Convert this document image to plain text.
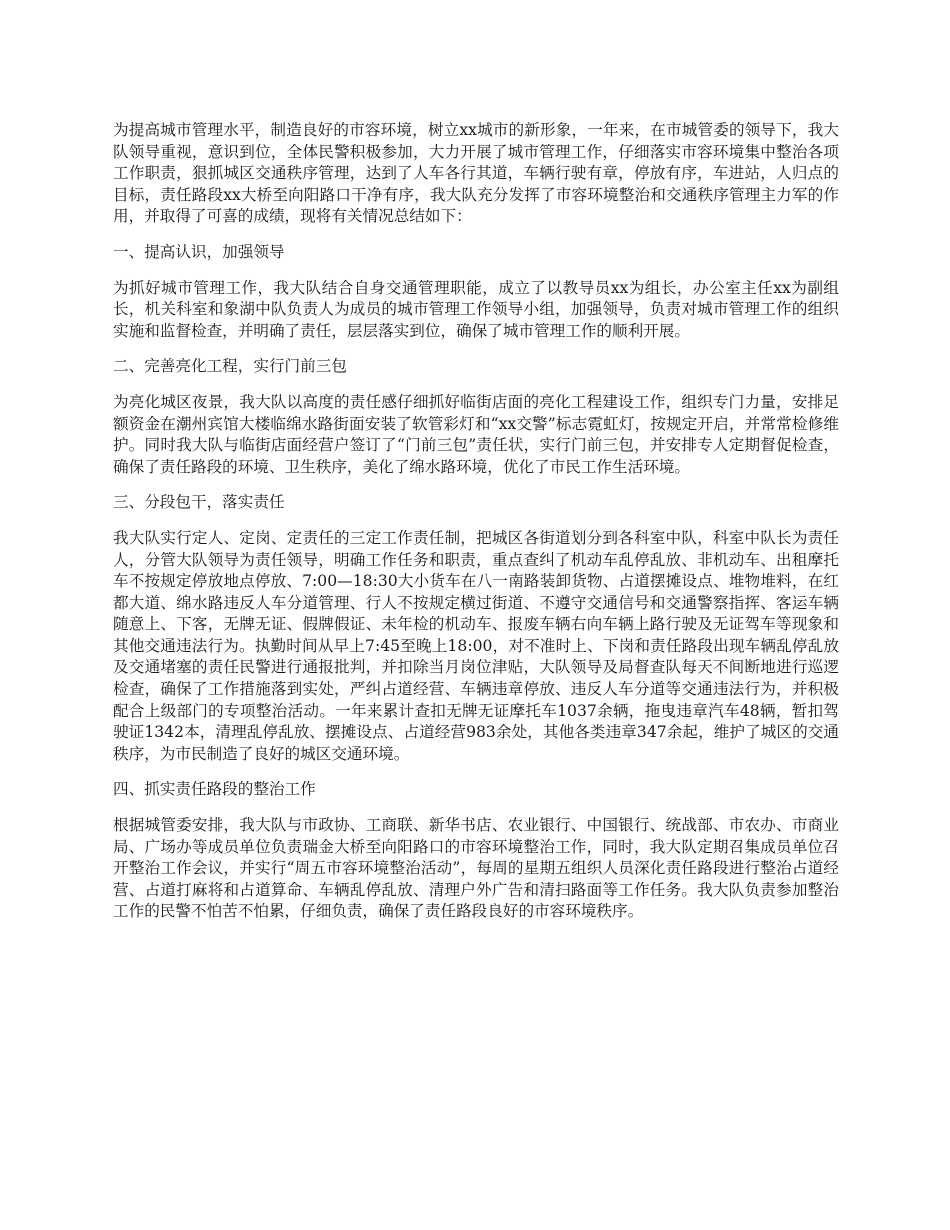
为提高城市管理水平，制造良好的市容环境，树立xx城市的新形象，一年来，在市城管委的领导下，我大队领导重视，意识到位，全体民警积极参加，大力开展了城市管理工作，仔细落实市容环境集中整治各项工作职责，狠抓城区交通秩序管理，达到了人车各行其道，车辆行驶有章，停放有序，车进站，人归点的目标，责任路段xx大桥至向阳路口干净有序，我大队充分发挥了市容环境整治和交通秩序管理主力军的作用，并取得了可喜的成绩，现将有关情况总结如下：

一、提高认识，加强领导

为抓好城市管理工作，我大队结合自身交通管理职能，成立了以教导员xx为组长，办公室主任xx为副组长，机关科室和象湖中队负责人为成员的城市管理工作领导小组，加强领导，负责对城市管理工作的组织实施和监督检查，并明确了责任，层层落实到位，确保了城市管理工作的顺利开展。

二、完善亮化工程，实行门前三包

为亮化城区夜景，我大队以高度的责任感仔细抓好临街店面的亮化工程建设工作，组织专门力量，安排足额资金在潮州宾馆大楼临绵水路街面安装了软管彩灯和“xx交警”标志霓虹灯，按规定开启，并常常检修维护。同时我大队与临街店面经营户签订了“门前三包”责任状，实行门前三包，并安排专人定期督促检查，确保了责任路段的环境、卫生秩序，美化了绵水路环境，优化了市民工作生活环境。

三、分段包干，落实责任

我大队实行定人、定岗、定责任的三定工作责任制，把城区各街道划分到各科室中队，科室中队长为责任人，分管大队领导为责任领导，明确工作任务和职责，重点查纠了机动车乱停乱放、非机动车、出租摩托车不按规定停放地点停放、7:00—18:30大小货车在八一南路装卸货物、占道摆摊设点、堆物堆料，在红都大道、绵水路违反人车分道管理、行人不按规定横过街道、不遵守交通信号和交通警察指挥、客运车辆随意上、下客，无牌无证、假牌假证、未年检的机动车、报废车辆右向车辆上路行驶及无证驾车等现象和其他交通违法行为。执勤时间从早上7:45至晚上18:00，对不准时上、下岗和责任路段出现车辆乱停乱放及交通堵塞的责任民警进行通报批判，并扣除当月岗位津贴，大队领导及局督查队每天不间断地进行巡逻检查，确保了工作措施落到实处，严纠占道经营、车辆违章停放、违反人车分道等交通违法行为，并积极配合上级部门的专项整治活动。一年来累计查扣无牌无证摩托车1037余辆，拖曳违章汽车48辆，暂扣驾驶证1342本，清理乱停乱放、摆摊设点、占道经营983余处，其他各类违章347余起，维护了城区的交通秩序，为市民制造了良好的城区交通环境。

四、抓实责任路段的整治工作

根据城管委安排，我大队与市政协、工商联、新华书店、农业银行、中国银行、统战部、市农办、市商业局、广场办等成员单位负责瑞金大桥至向阳路口的市容环境整治工作，同时，我大队定期召集成员单位召开整治工作会议，并实行“周五市容环境整治活动”，每周的星期五组织人员深化责任路段进行整治占道经营、占道打麻将和占道算命、车辆乱停乱放、清理户外广告和清扫路面等工作任务。我大队负责参加整治工作的民警不怕苦不怕累，仔细负责，确保了责任路段良好的市容环境秩序。
